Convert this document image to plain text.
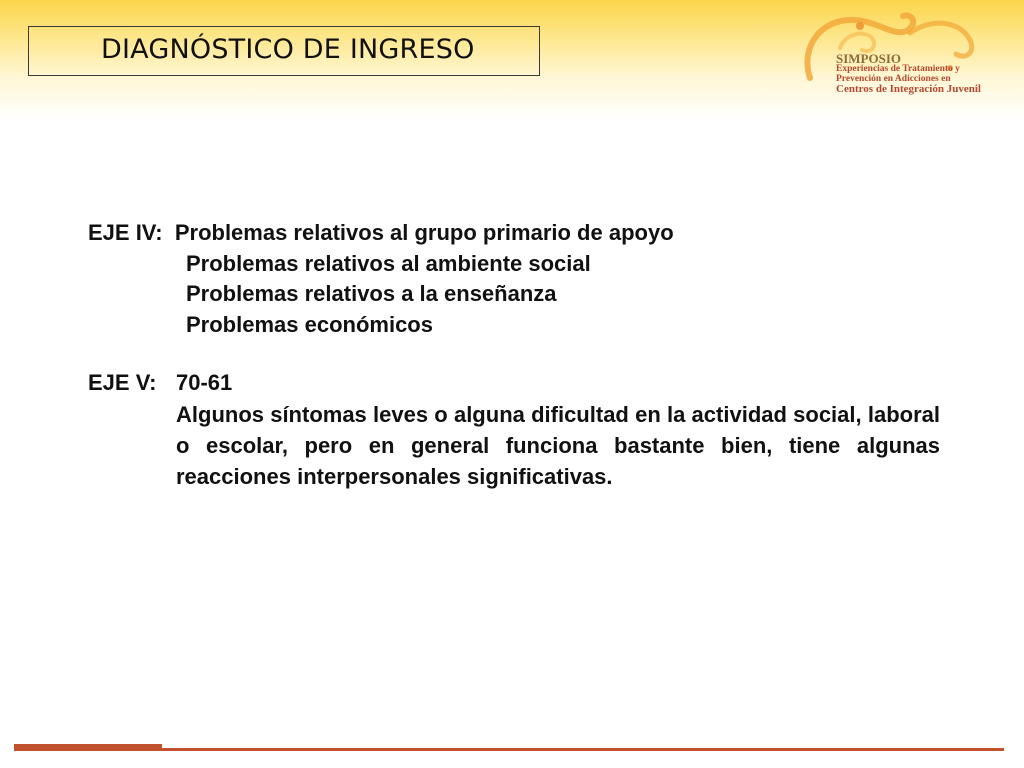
DIAGNÓSTICO DE INGRESO	SIMPOSIO
Experiencias de Tratamiento y
Prevención en Adicciones en
Centros de Integración Juvenil
EJE IV: Problemas relativos al grupo primario de apoyo
Problemas relativos al ambiente social
Problemas relativos a la enseñanza
Problemas económicos
EJE V: 70-61
Algunos síntomas leves o alguna dificultad en la actividad social, laboral o escolar, pero en general funciona bastante bien, tiene algunas reacciones interpersonales significativas.
